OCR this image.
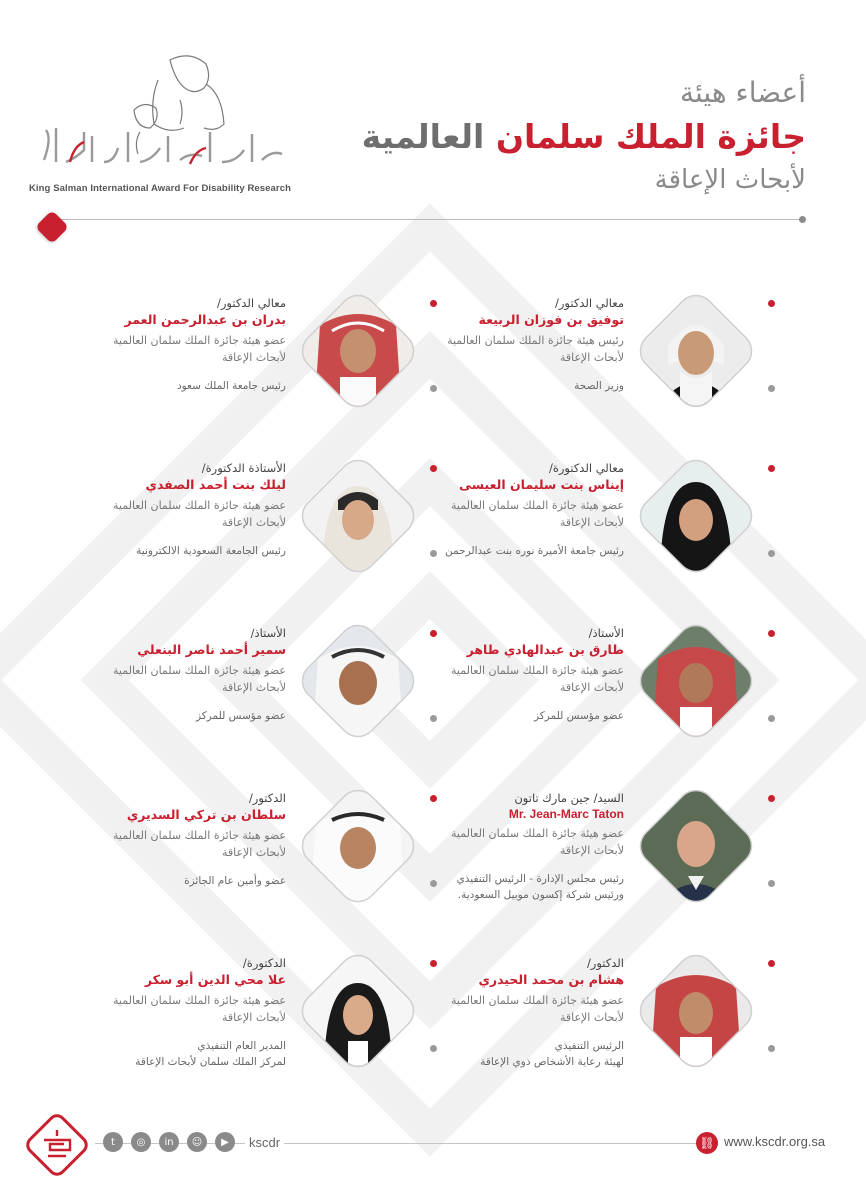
King Salman International Award For Disability Research

أعضاء هيئة

جائزة الملك سلمان العالمية

لأبحاث الإعاقة

معالي الدكتور/
توفيق بن فوزان الربيعة
رئيس هيئة جائزة الملك سلمان العالمية
لأبحاث الإعاقة
وزير الصحة
معالي الدكتور/
بدران بن عبدالرحمن العمر
عضو هيئة جائزة الملك سلمان العالمية
لأبحاث الإعاقة
رئيس جامعة الملك سعود
معالي الدكتورة/
إيناس بنت سليمان العيسى
عضو هيئة جائزة الملك سلمان العالمية
لأبحاث الإعاقة
رئيس جامعة الأميرة نوره بنت عبدالرحمن
الأستاذة الدكتورة/
ليلك بنت أحمد الصفدي
عضو هيئة جائزة الملك سلمان العالمية
لأبحاث الإعاقة
رئيس الجامعة السعودية الالكترونية
الأستاذ/
طارق بن عبدالهادي طاهر
عضو هيئة جائزة الملك سلمان العالمية
لأبحاث الإعاقة
عضو مؤسس للمركز
الأستاذ/
سمير أحمد ناصر البنعلي
عضو هيئة جائزة الملك سلمان العالمية
لأبحاث الإعاقة
عضو مؤسس للمركز
السيد/ جين مارك تاتون
Mr. Jean-Marc Taton
عضو هيئة جائزة الملك سلمان العالمية
لأبحاث الإعاقة
رئيس مجلس الإدارة - الرئيس التنفيذي
ورئيس شركة إكسون موبيل السعودية.
الدكتور/
سلطان بن تركي السديري
عضو هيئة جائزة الملك سلمان العالمية
لأبحاث الإعاقة
عضو وأمين عام الجائزة
الدكتور/
هشام بن محمد الحيدري
عضو هيئة جائزة الملك سلمان العالمية
لأبحاث الإعاقة
الرئيس التنفيذي
لهيئة رعاية الأشخاص ذوي الإعاقة
الدكتورة/
علا محي الدين أبو سكر
عضو هيئة جائزة الملك سلمان العالمية
لأبحاث الإعاقة
المدير العام التنفيذي
لمركز الملك سلمان لأبحاث الإعاقة
t	◎	in	☺	▶	kscdr	⛓ www.kscdr.org.sa
